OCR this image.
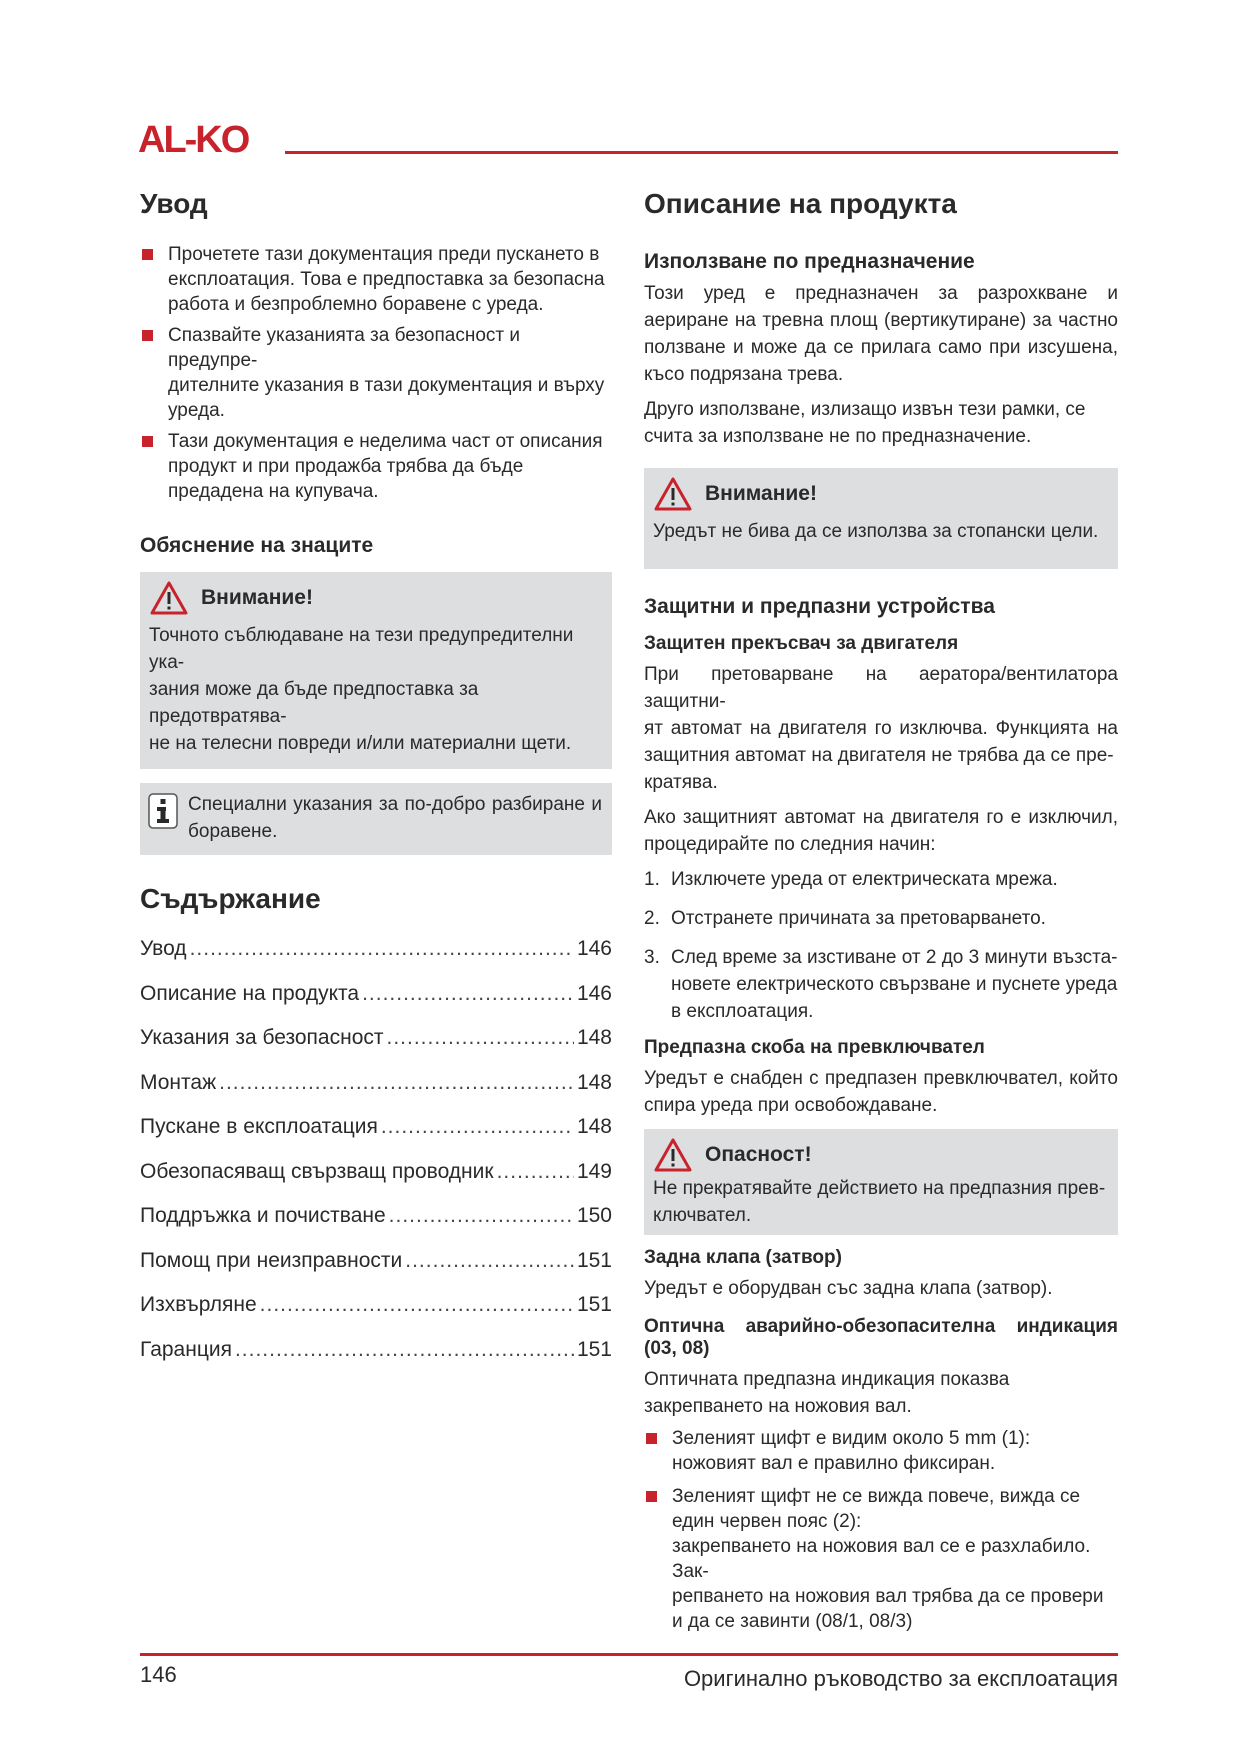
AL-KO
Увод
Прочетете тази документация преди пускането в експлоатация. Това е предпоставка за безопасна работа и безпроблемно боравене с уреда.
Спазвайте указанията за безопасност и предупре-
дителните указания в тази документация и върху уреда.
Тази документация е неделима част от описания продукт и при продажба трябва да бъде предадена на купувача.
Обяснение на знаците
Внимание!

Точното съблюдаване на тези предупредителни ука-
зания може да бъде предпоставка за предотвратява-
не на телесни повреди и/или материални щети.

Специални указания за по-добро разбиране и боравене.

Съдържание
Увод .....	146
Описание на продукта .....	146
Указания за безопасност .....	148
Монтаж .....	148
Пускане в експлоатация .....	148
Обезопасяващ свързващ проводник .....	149
Поддръжка и почистване .....	150
Помощ при неизправности .....	151
Изхвърляне .....	151
Гаранция .....	151
Описание на продукта
Използване по предназначение

Този уред е предназначен за разрохкване и аериране на тревна площ (вертикутиране) за частно ползване и може да се прилага само при изсушена, късо подрязана трева.

Друго използване, излизащо извън тези рамки, се счита за използване не по предназначение.

Внимание!

Уредът не бива да се използва за стопански цели.

Защитни и предпазни устройства
Защитен прекъсвач за двигателя

При претоварване на аератора/вентилатора защитни-
ят автомат на двигателя го изключва. Функцията на защитния автомат на двигателя не трябва да се пре-
кратява.

Ако защитният автомат на двигателя го е изключил, процедирайте по следния начин:

1. Изключете уреда от електрическата мрежа.
2. Отстранете причината за претоварването.
3. След време за изстиване от 2 до 3 минути възста-
новете електрическото свързване и пуснете уреда в експлоатация.
Предпазна скоба на превключвател

Уредът е снабден с предпазен превключвател, който спира уреда при освобождаване.

Опасност!

Не прекратявайте действието на предпазния прев-
ключвател.

Задна клапа (затвор)

Уредът е оборудван със задна клапа (затвор).

Оптична аварийно-обезопасителна индикация (03, 08)

Оптичната предпазна индикация показва закрепването на ножовия вал.

Зеленият щифт е видим около 5 mm (1):
ножовият вал е правилно фиксиран.
Зеленият щифт не се вижда повече, вижда се един червен пояс (2):
закрепването на ножовия вал се е разхлабило. Зак-
репването на ножовия вал трябва да се провери и да се завинти (08/1, 08/3)
146	Оригинално ръководство за експлоатация
